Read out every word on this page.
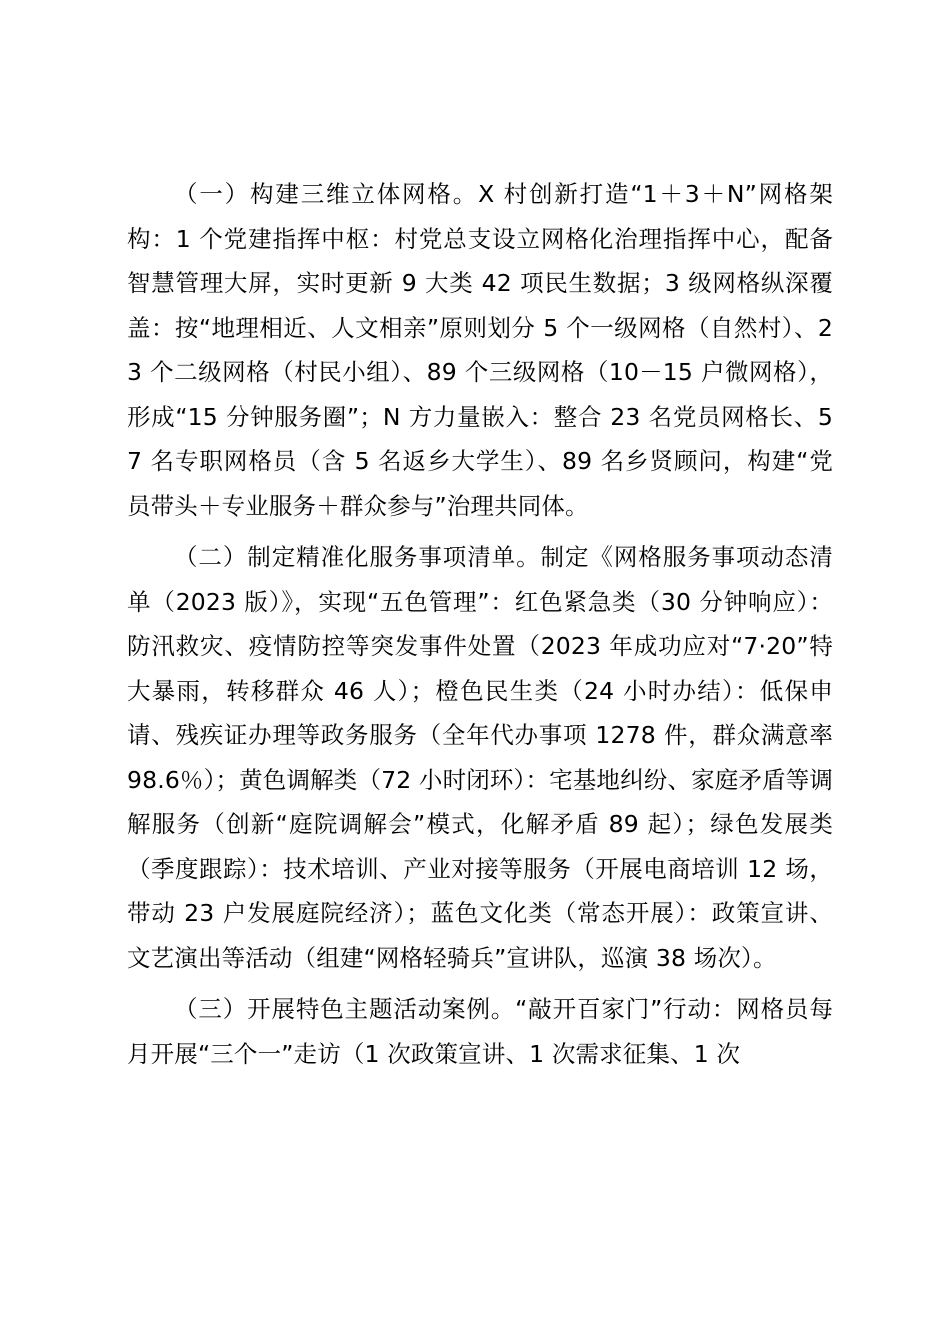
（一）构建三维立体网格。X 村创新打造“1＋3＋N”网格架构：1 个党建指挥中枢：村党总支设立网格化治理指挥中心，配备智慧管理大屏，实时更新 9 大类 42 项民生数据；3 级网格纵深覆盖：按“地理相近、人文相亲”原则划分 5 个一级网格（自然村）、23 个二级网格（村民小组）、89 个三级网格（10－15 户微网格），形成“15 分钟服务圈”；N 方力量嵌入：整合 23 名党员网格长、57 名专职网格员（含 5 名返乡大学生）、89 名乡贤顾问，构建“党员带头＋专业服务＋群众参与”治理共同体。

（二）制定精准化服务事项清单。制定《网格服务事项动态清单（2023 版）》，实现“五色管理”：红色紧急类（30 分钟响应）：防汛救灾、疫情防控等突发事件处置（2023 年成功应对“7·20”特大暴雨，转移群众 46 人）；橙色民生类（24 小时办结）：低保申请、残疾证办理等政务服务（全年代办事项 1278 件，群众满意率 98.6％）；黄色调解类（72 小时闭环）：宅基地纠纷、家庭矛盾等调解服务（创新“庭院调解会”模式，化解矛盾 89 起）；绿色发展类（季度跟踪）：技术培训、产业对接等服务（开展电商培训 12 场，带动 23 户发展庭院经济）；蓝色文化类（常态开展）：政策宣讲、文艺演出等活动（组建“网格轻骑兵”宣讲队，巡演 38 场次）。

（三）开展特色主题活动案例。“敲开百家门”行动：网格员每月开展“三个一”走访（1 次政策宣讲、1 次需求征集、1 次
